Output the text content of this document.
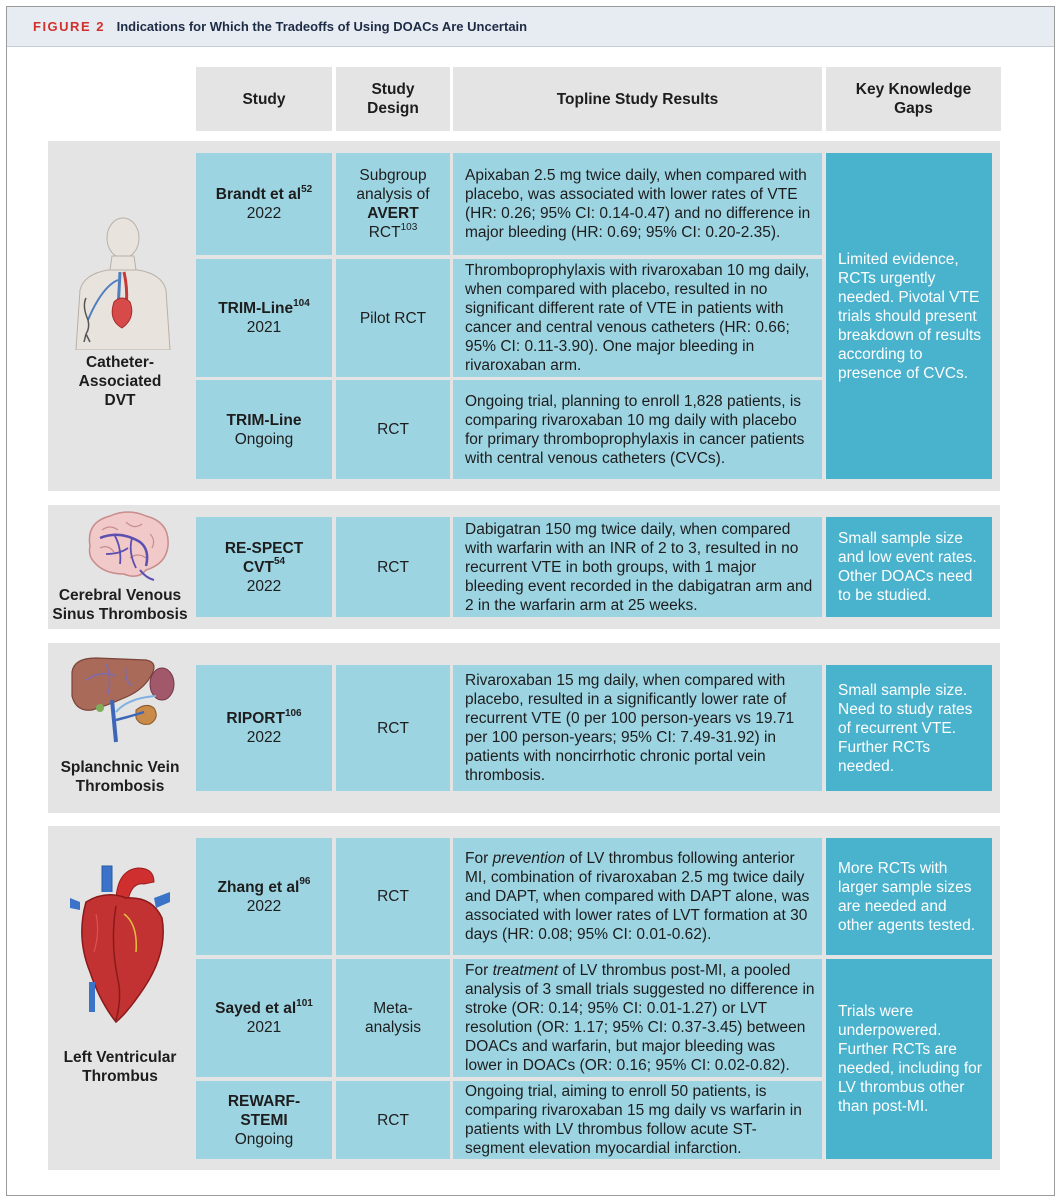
FIGURE 2 Indications for Which the Tradeoffs of Using DOACs Are Uncertain
Study
Study
Design
Topline Study Results
Key Knowledge
Gaps
Catheter-
Associated
DVT
Brandt et $al^{52}$
2022
Subgroup
analysis of
AVERT
RCT$^{103}$
Apixaban 2.5 mg twice daily, when compared with placebo, was associated with lower rates of VTE (HR: 0.26; 95% CI: 0.14-0.47) and no difference in major bleeding (HR: 0.69; 95% CI: 0.20-2.35).
TRIM-Line$^{104}$
2021
Pilot RCT
Thromboprophylaxis with rivaroxaban 10 mg daily, when compared with placebo, resulted in no significant different rate of VTE in patients with cancer and central venous catheters (HR: 0.66; 95% CI: 0.11-3.90). One major bleeding in rivaroxaban arm.
TRIM-Line
Ongoing
RCT
Ongoing trial, planning to enroll 1,828 patients, is comparing rivaroxaban 10 mg daily with placebo for primary thromboprophylaxis in cancer patients with central venous catheters (CVCs).
Limited evidence, RCTs urgently needed. Pivotal VTE trials should present breakdown of results according to presence of CVCs.
Cerebral Venous
Sinus Thrombosis
RE-SPECT
CVT$^{54}$
2022
RCT
Dabigatran 150 mg twice daily, when compared with warfarin with an INR of 2 to 3, resulted in no recurrent VTE in both groups, with 1 major bleeding event recorded in the dabigatran arm and 2 in the warfarin arm at 25 weeks.
Small sample size and low event rates. Other DOACs need to be studied.
Splanchnic Vein
Thrombosis
RIPORT$^{106}$
2022
RCT
Rivaroxaban 15 mg daily, when compared with placebo, resulted in a significantly lower rate of recurrent VTE (0 per 100 person-years vs 19.71 per 100 person-years; 95% CI: 7.49-31.92) in patients with noncirrhotic chronic portal vein thrombosis.
Small sample size. Need to study rates of recurrent VTE. Further RCTs needed.
Left Ventricular
Thrombus
Zhang et $al^{96}$
2022
RCT
For prevention of LV thrombus following anterior MI, combination of rivaroxaban 2.5 mg twice daily and DAPT, when compared with DAPT alone, was associated with lower rates of LVT formation at 30 days (HR: 0.08; 95% CI: 0.01-0.62).
More RCTs with larger sample sizes are needed and other agents tested.
Sayed et $al^{101}$
2021
Meta-
analysis
For treatment of LV thrombus post-MI, a pooled analysis of 3 small trials suggested no difference in stroke (OR: 0.14; 95% CI: 0.01-1.27) or LVT resolution (OR: 1.17; 95% CI: 0.37-3.45) between DOACs and warfarin, but major bleeding was lower in DOACs (OR: 0.16; 95% CI: 0.02-0.82).
REWARF-
STEMI
Ongoing
RCT
Ongoing trial, aiming to enroll 50 patients, is comparing rivaroxaban 15 mg daily vs warfarin in patients with LV thrombus follow acute ST-segment elevation myocardial infarction.
Trials were underpowered. Further RCTs are needed, including for LV thrombus other than post-MI.
